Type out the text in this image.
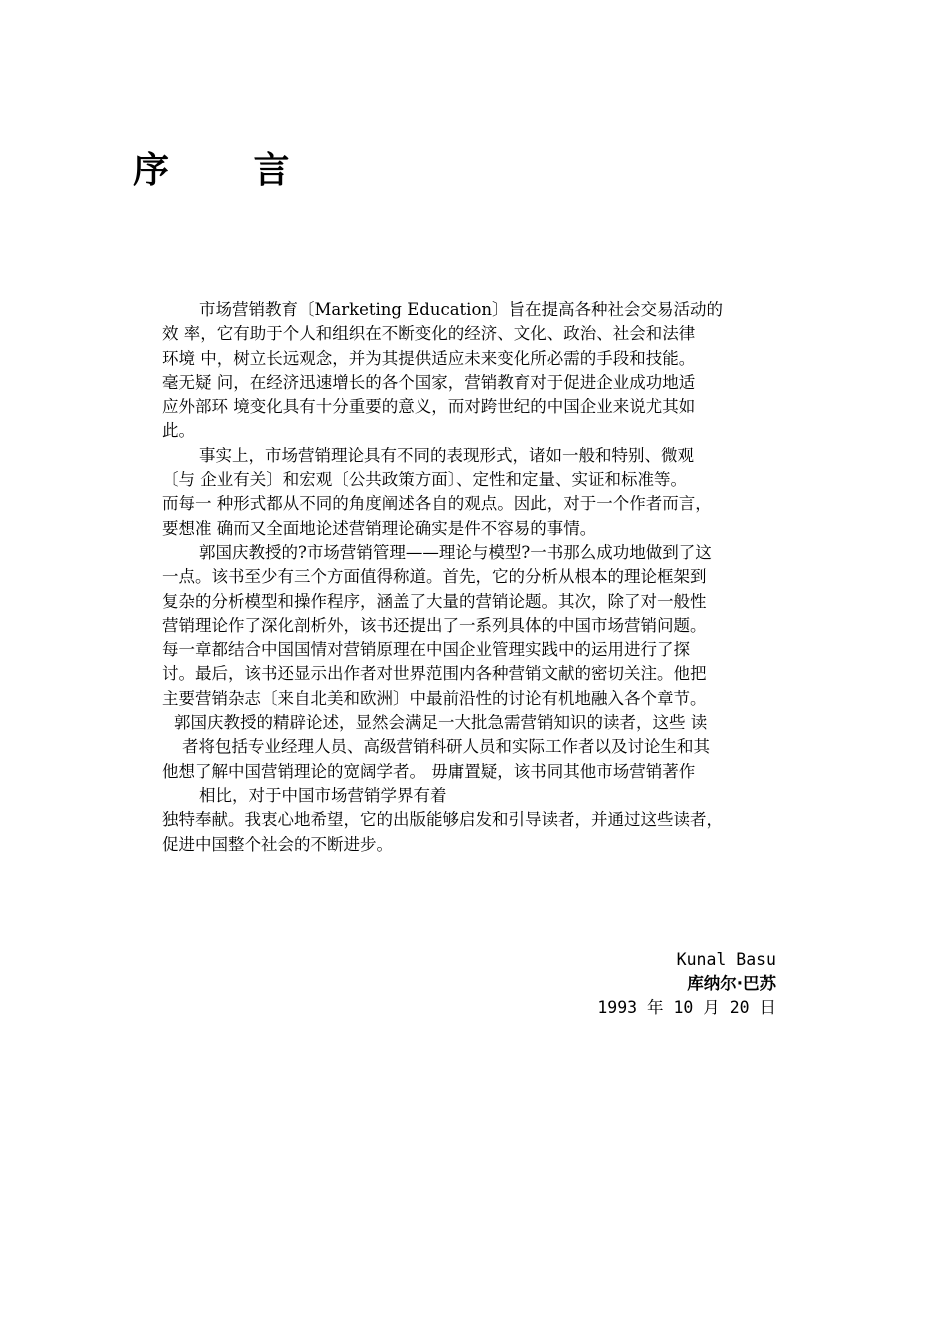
序 言
市场营销教育〔Marketing Education〕旨在提高各种社会交易活动的
效 率，它有助于个人和组织在不断变化的经济、文化、政治、社会和法律
环境 中，树立长远观念，并为其提供适应未来变化所必需的手段和技能。
毫无疑 问，在经济迅速增长的各个国家，营销教育对于促进企业成功地适
应外部环 境变化具有十分重要的意义，而对跨世纪的中国企业来说尤其如
此。
事实上，市场营销理论具有不同的表现形式，诸如一般和特别、微观
〔与 企业有关〕和宏观〔公共政策方面〕、定性和定量、实证和标准等。
而每一 种形式都从不同的角度阐述各自的观点。因此，对于一个作者而言，
要想准 确而又全面地论述营销理论确实是件不容易的事情。
郭国庆教授的?市场营销管理——理论与模型?一书那么成功地做到了这
一点。该书至少有三个方面值得称道。首先，它的分析从根本的理论框架到
复杂的分析模型和操作程序，涵盖了大量的营销论题。其次，除了对一般性
营销理论作了深化剖析外，该书还提出了一系列具体的中国市场营销问题。
每一章都结合中国国情对营销原理在中国企业管理实践中的运用进行了探
讨。最后，该书还显示出作者对世界范围内各种营销文献的密切关注。他把
主要营销杂志〔来自北美和欧洲〕中最前沿性的讨论有机地融入各个章节。
郭国庆教授的精辟论述，显然会满足一大批急需营销知识的读者，这些 读
者将包括专业经理人员、高级营销科研人员和实际工作者以及讨论生和其
他想了解中国营销理论的宽阔学者。 毋庸置疑，该书同其他市场营销著作
相比，对于中国市场营销学界有着
独特奉献。我衷心地希望，它的出版能够启发和引导读者，并通过这些读者，
促进中国整个社会的不断进步。
Kunal Basu
库纳尔·巴苏
1993 年 10 月 20 日
